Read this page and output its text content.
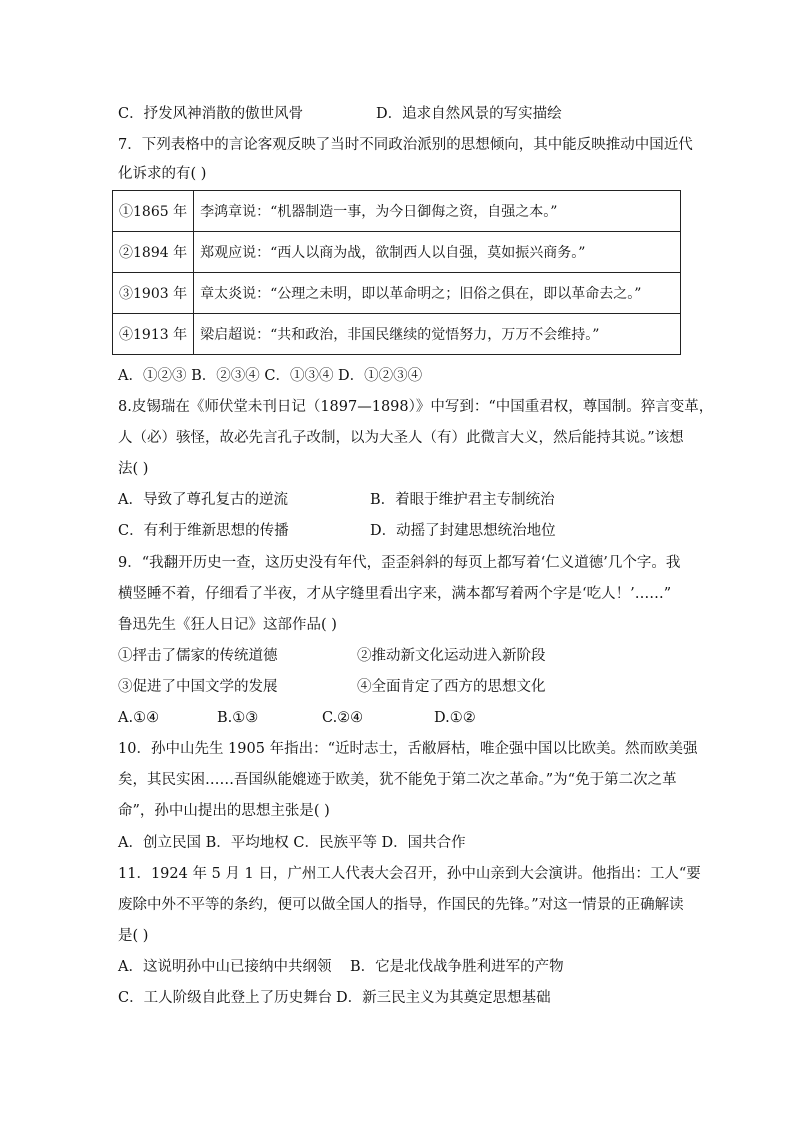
C．抒发风神消散的傲世风骨	D．追求自然风景的写实描绘
7．下列表格中的言论客观反映了当时不同政治派别的思想倾向，其中能反映推动中国近代
化诉求的有( )
①1865 年	李鸿章说：“机器制造一事，为今日御侮之资，自强之本。”
②1894 年	郑观应说：“西人以商为战，欲制西人以自强，莫如振兴商务。”
③1903 年	章太炎说：“公理之未明，即以革命明之；旧俗之俱在，即以革命去之。”
④1913 年	梁启超说：“共和政治，非国民继续的觉悟努力，万万不会维持。”
A．①②③ B．②③④ C．①③④ D．①②③④
8.皮锡瑞在《师伏堂未刊日记（1897—1898）》中写到：“中国重君权，尊国制。猝言变革，
人（必）骇怪，故必先言孔子改制，以为大圣人（有）此微言大义，然后能持其说。”该想
法( )
A．导致了尊孔复古的逆流	B．着眼于维护君主专制统治
C．有利于维新思想的传播	D．动摇了封建思想统治地位
9．“我翻开历史一查，这历史没有年代，歪歪斜斜的每页上都写着‘仁义道德’几个字。我
横竖睡不着，仔细看了半夜，才从字缝里看出字来，满本都写着两个字是‘吃人！’……”
鲁迅先生《狂人日记》这部作品( )
①抨击了儒家的传统道德	②推动新文化运动进入新阶段
③促进了中国文学的发展	④全面肯定了西方的思想文化
A.①④	B.①③	C.②④	D.①②
10．孙中山先生 1905 年指出：“近时志士，舌敝唇枯，唯企强中国以比欧美。然而欧美强
矣，其民实困……吾国纵能媲迹于欧美，犹不能免于第二次之革命。”为“免于第二次之革
命”，孙中山提出的思想主张是( )
A．创立民国 B．平均地权 C．民族平等 D．国共合作
11．1924 年 5 月 1 日，广州工人代表大会召开，孙中山亲到大会演讲。他指出：工人“要
废除中外不平等的条约，便可以做全国人的指导，作国民的先锋。”对这一情景的正确解读
是( )
A．这说明孙中山已接纳中共纲领 B．它是北伐战争胜利进军的产物
C．工人阶级自此登上了历史舞台 D．新三民主义为其奠定思想基础
